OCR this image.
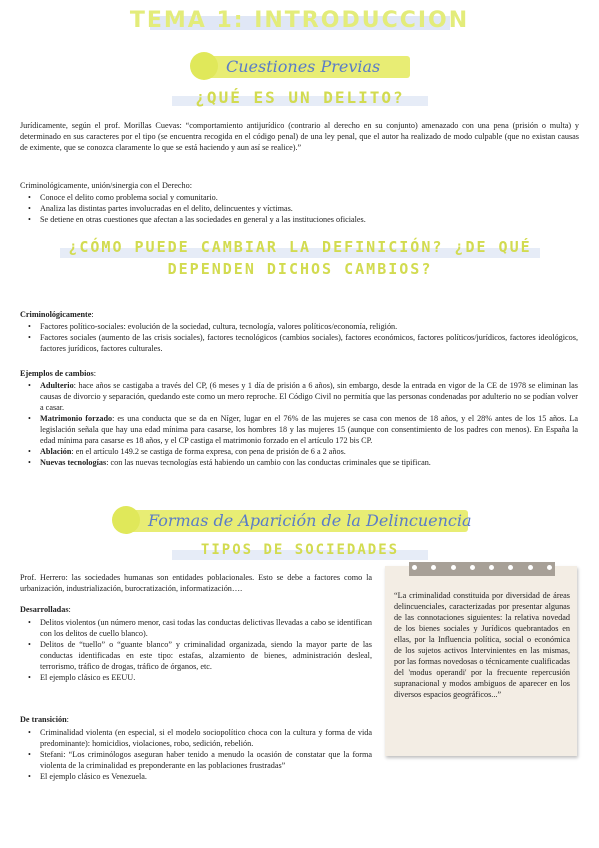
TEMA 1: INTRODUCCION
Cuestiones Previas
¿QUÉ ES UN DELITO?
Jurídicamente, según el prof. Morillas Cuevas: “comportamiento antijurídico (contrario al derecho en su conjunto) amenazado con una pena (prisión o multa) y determinado en sus caracteres por el tipo (se encuentra recogida en el código penal) de una ley penal, que el autor ha realizado de modo culpable (que no existan causas de eximente, que se conozca claramente lo que se está haciendo y aun así se realice).”
Criminológicamente, unión/sinergia con el Derecho:
• Conoce el delito como problema social y comunitario.
• Analiza las distintas partes involucradas en el delito, delincuentes y víctimas.
• Se detiene en otras cuestiones que afectan a las sociedades en general y a las instituciones oficiales.
¿CÓMO PUEDE CAMBIAR LA DEFINICIÓN? ¿DE QUÉ DEPENDEN DICHOS CAMBIOS?
Criminológicamente:
• Factores político-sociales: evolución de la sociedad, cultura, tecnología, valores políticos/economía, religión.
• Factores sociales (aumento de las crisis sociales), factores tecnológicos (cambios sociales), factores económicos, factores políticos/jurídicos, factores ideológicos, factores jurídicos, factores culturales.
Ejemplos de cambios:
• Adulterio: hace años se castigaba a través del CP, (6 meses y 1 día de prisión a 6 años), sin embargo, desde la entrada en vigor de la CE de 1978 se eliminan las causas de divorcio y separación, quedando este como un mero reproche. El Código Civil no permitía que las personas condenadas por adulterio no se podían volver a casar.
• Matrimonio forzado: es una conducta que se da en Níger, lugar en el 76% de las mujeres se casa con menos de 18 años, y el 28% antes de los 15 años. La legislación señala que hay una edad mínima para casarse, los hombres 18 y las mujeres 15 (aunque con consentimiento de los padres con menos). En España la edad mínima para casarse es 18 años, y el CP castiga el matrimonio forzado en el artículo 172 bis CP.
• Ablación: en el artículo 149.2 se castiga de forma expresa, con pena de prisión de 6 a 2 años.
• Nuevas tecnologías: con las nuevas tecnologías está habiendo un cambio con las conductas criminales que se tipifican.
Formas de Aparición de la Delincuencia
TIPOS DE SOCIEDADES
Prof. Herrero: las sociedades humanas son entidades poblacionales. Esto se debe a factores como la urbanización, industrialización, burocratización, informatización….
Desarrolladas:
• Delitos violentos (un número menor, casi todas las conductas delictivas llevadas a cabo se identifican con los delitos de cuello blanco).
• Delitos de “tuello” o “guante blanco” y criminalidad organizada, siendo la mayor parte de las conductas identificadas en este tipo: estafas, alzamiento de bienes, administración desleal, terrorismo, tráfico de drogas, tráfico de órganos, etc.
• El ejemplo clásico es EEUU.
De transición:
• Criminalidad violenta (en especial, si el modelo sociopolítico choca con la cultura y forma de vida predominante): homicidios, violaciones, robo, sedición, rebelión.
• Stefani: “Los criminólogos aseguran haber tenido a menudo la ocasión de constatar que la forma violenta de la criminalidad es preponderante en las poblaciones frustradas”
• El ejemplo clásico es Venezuela.
“La criminalidad constituida por diversidad de áreas delincuenciales, caracterizadas por presentar algunas de las connotaciones siguientes: la relativa novedad de los bienes sociales y Jurídicos quebrantados en ellas, por la Influencia política, social o económica de los sujetos activos Intervinientes en las mismas, por las formas novedosas o técnicamente cualificadas del 'modus operandi' por la frecuente repercusión supranacional y modos ambiguos de aparecer en los diversos espacios geográficos...”
